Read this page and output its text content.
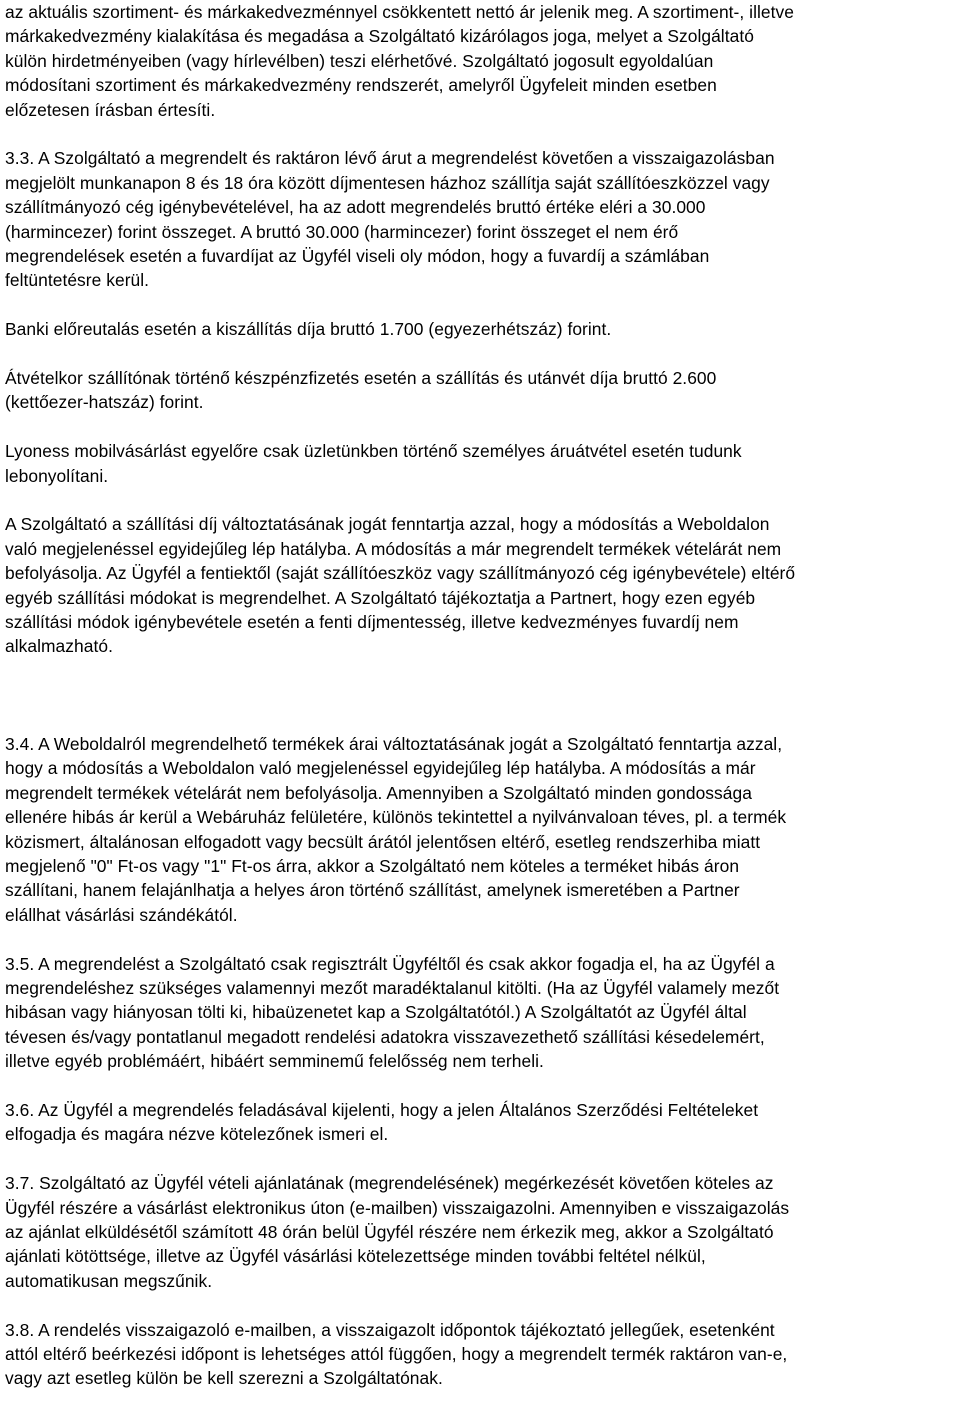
az aktuális szortiment- és márkakedvezménnyel csökkentett nettó ár jelenik meg. A szortiment-, illetve
márkakedvezmény kialakítása és megadása a Szolgáltató kizárólagos joga, melyet a Szolgáltató
külön hirdetményeiben (vagy hírlevélben) teszi elérhetővé. Szolgáltató jogosult egyoldalúan
módosítani szortiment és márkakedvezmény rendszerét, amelyről Ügyfeleit minden esetben
előzetesen írásban értesíti.

3.3. A Szolgáltató a megrendelt és raktáron lévő árut a megrendelést követően a visszaigazolásban
megjelölt munkanapon 8 és 18 óra között díjmentesen házhoz szállítja saját szállítóeszközzel vagy
szállítmányozó cég igénybevételével, ha az adott megrendelés bruttó értéke eléri a 30.000
(harmincezer) forint összeget. A bruttó 30.000 (harmincezer) forint összeget el nem érő
megrendelések esetén a fuvardíjat az Ügyfél viseli oly módon, hogy a fuvardíj a számlában
feltüntetésre kerül.

Banki előreutalás esetén a kiszállítás díja bruttó 1.700 (egyezerhétszáz) forint.

Átvételkor szállítónak történő készpénzfizetés esetén a szállítás és utánvét díja bruttó 2.600
(kettőezer-hatszáz) forint.

Lyoness mobilvásárlást egyelőre csak üzletünkben történő személyes áruátvétel esetén tudunk
lebonyolítani.

A Szolgáltató a szállítási díj változtatásának jogát fenntartja azzal, hogy a módosítás a Weboldalon
való megjelenéssel egyidejűleg lép hatályba. A módosítás a már megrendelt termékek vételárát nem
befolyásolja. Az Ügyfél a fentiektől (saját szállítóeszköz vagy szállítmányozó cég igénybevétele) eltérő
egyéb szállítási módokat is megrendelhet. A Szolgáltató tájékoztatja a Partnert, hogy ezen egyéb
szállítási módok igénybevétele esetén a fenti díjmentesség, illetve kedvezményes fuvardíj nem
alkalmazható.

3.4. A Weboldalról megrendelhető termékek árai változtatásának jogát a Szolgáltató fenntartja azzal,
hogy a módosítás a Weboldalon való megjelenéssel egyidejűleg lép hatályba. A módosítás a már
megrendelt termékek vételárát nem befolyásolja. Amennyiben a Szolgáltató minden gondossága
ellenére hibás ár kerül a Webáruház felületére, különös tekintettel a nyilvánvaloan téves, pl. a termék
közismert, általánosan elfogadott vagy becsült árától jelentősen eltérő, esetleg rendszerhiba miatt
megjelenő "0" Ft-os vagy "1" Ft-os árra, akkor a Szolgáltató nem köteles a terméket hibás áron
szállítani, hanem felajánlhatja a helyes áron történő szállítást, amelynek ismeretében a Partner
elállhat vásárlási szándékától.

3.5. A megrendelést a Szolgáltató csak regisztrált Ügyféltől és csak akkor fogadja el, ha az Ügyfél a
megrendeléshez szükséges valamennyi mezőt maradéktalanul kitölti. (Ha az Ügyfél valamely mezőt
hibásan vagy hiányosan tölti ki, hibaüzenetet kap a Szolgáltatótól.) A Szolgáltatót az Ügyfél által
tévesen és/vagy pontatlanul megadott rendelési adatokra visszavezethető szállítási késedelemért,
illetve egyéb problémáért, hibáért semminemű felelősség nem terheli.

3.6. Az Ügyfél a megrendelés feladásával kijelenti, hogy a jelen Általános Szerződési Feltételeket
elfogadja és magára nézve kötelezőnek ismeri el.

3.7. Szolgáltató az Ügyfél vételi ajánlatának (megrendelésének) megérkezését követően köteles az
Ügyfél részére a vásárlást elektronikus úton (e-mailben) visszaigazolni. Amennyiben e visszaigazolás
az ajánlat elküldésétől számított 48 órán belül Ügyfél részére nem érkezik meg, akkor a Szolgáltató
ajánlati kötöttsége, illetve az Ügyfél vásárlási kötelezettsége minden további feltétel nélkül,
automatikusan megszűnik.

3.8. A rendelés visszaigazoló e-mailben, a visszaigazolt időpontok tájékoztató jellegűek, esetenként
attól eltérő beérkezési időpont is lehetséges attól függően, hogy a megrendelt termék raktáron van-e,
vagy azt esetleg külön be kell szerezni a Szolgáltatónak.
